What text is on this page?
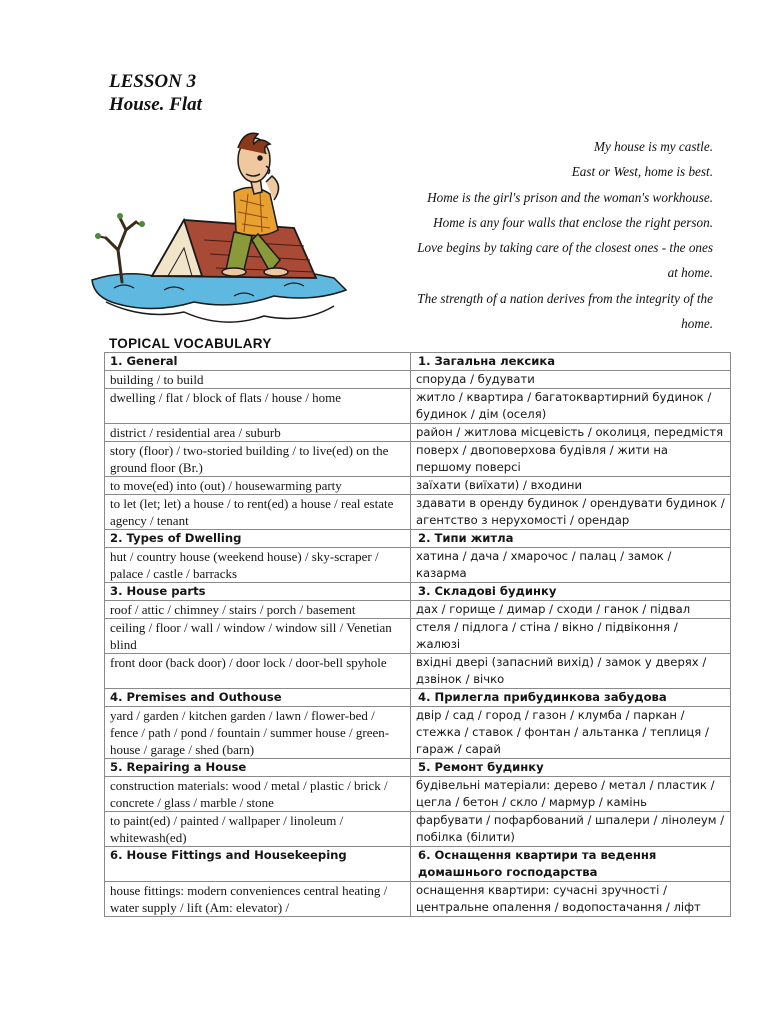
LESSON 3
House. Flat
My house is my castle.
East or West, home is best.
Home is the girl's prison and the woman's workhouse.
Home is any four walls that enclose the right person.
Love begins by taking care of the closest ones - the ones
at home.
The strength of a nation derives from the integrity of the
home.
TOPICAL VOCABULARY
1. General	1. Загальна лексика
building / to build	споруда / будувати
dwelling / flat / block of flats / house / home	житло / квартира / багатоквартирний будинок / будинок / дім (оселя)
district / residential area / suburb	район / житлова місцевість / околиця, передмістя
story (floor) / two-storied building / to live(ed) on the ground floor (Br.)	поверх / двоповерхова будівля / жити на першому поверсі
to move(ed) into (out) / housewarming party	заїхати (виїхати) / входини
to let (let; let) a house / to rent(ed) a house / real estate agency / tenant	здавати в оренду будинок / орендувати будинок / агентство з нерухомості / орендар
2. Types of Dwelling	2. Типи житла
hut / country house (weekend house) / sky-scraper / palace / castle / barracks	хатина / дача / хмарочос / палац / замок / казарма
3. House parts	3. Складові будинку
roof / attic / chimney / stairs / porch / basement	дах / горище / димар / сходи / ганок / підвал
ceiling / floor / wall / window / window sill / Venetian blind	стеля / підлога / стіна / вікно / підвіконня / жалюзі
front door (back door) / door lock / door-bell spyhole	вхідні двері (запасний вихід) / замок у дверях / дзвінок / вічко
4. Premises and Outhouse	4. Прилегла прибудинкова забудова
yard / garden / kitchen garden / lawn / flower-bed / fence / path / pond / fountain / summer house / green-house / garage / shed (barn)	двір / сад / город / газон / клумба / паркан / стежка / ставок / фонтан / альтанка / теплиця / гараж / сарай
5. Repairing a House	5. Ремонт будинку
construction materials: wood / metal / plastic / brick / concrete / glass / marble / stone	будівельні матеріали: дерево / метал / пластик / цегла / бетон / скло / мармур / камінь
to paint(ed) / painted / wallpaper / linoleum / whitewash(ed)	фарбувати / пофарбований / шпалери / лінолеум / побілка (білити)
6. House Fittings and Housekeeping	6. Оснащення квартири та ведення домашнього господарства
house fittings: modern conveniences central heating / water supply / lift (Am: elevator) /	оснащення квартири: сучасні зручності / центральне опалення / водопостачання / ліфт
